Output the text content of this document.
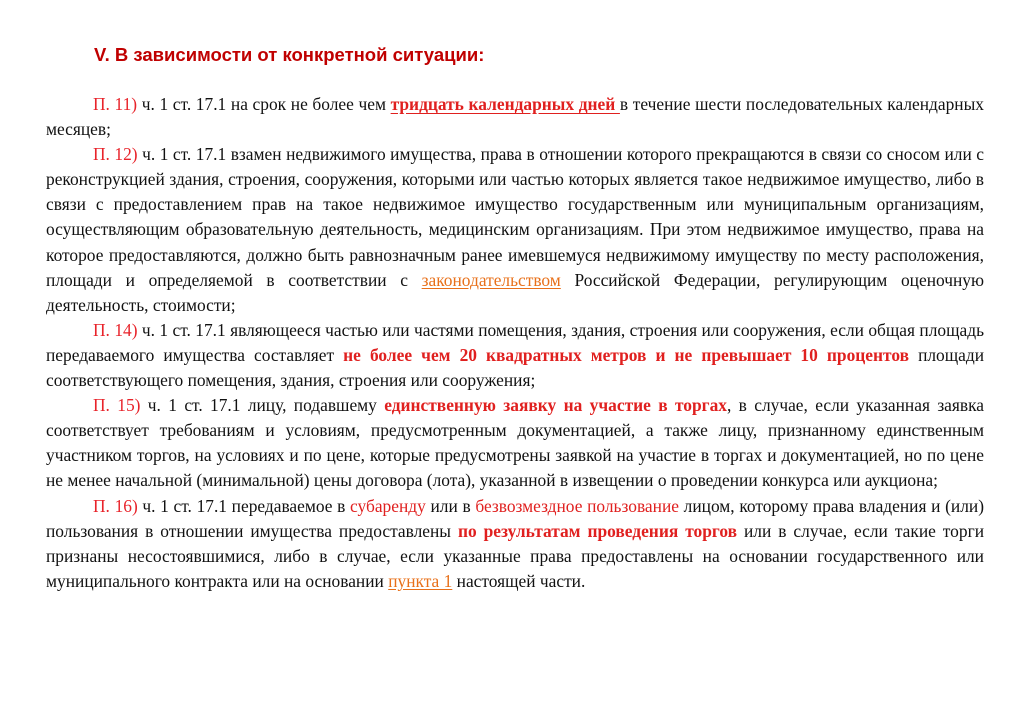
V. В зависимости от конкретной ситуации:

П. 11) ч. 1 ст. 17.1 на срок не более чем тридцать календарных дней в течение шести последовательных календарных месяцев;

П. 12) ч. 1 ст. 17.1 взамен недвижимого имущества, права в отношении которого прекращаются в связи со сносом или с реконструкцией здания, строения, сооружения, которыми или частью которых является такое недвижимое имущество, либо в связи с предоставлением прав на такое недвижимое имущество государственным или муниципальным организациям, осуществляющим образовательную деятельность, медицинским организациям. При этом недвижимое имущество, права на которое предоставляются, должно быть равнозначным ранее имевшемуся недвижимому имуществу по месту расположения, площади и определяемой в соответствии с законодательством Российской Федерации, регулирующим оценочную деятельность, стоимости;

П. 14) ч. 1 ст. 17.1 являющееся частью или частями помещения, здания, строения или сооружения, если общая площадь передаваемого имущества составляет не более чем 20 квадратных метров и не превышает 10 процентов площади соответствующего помещения, здания, строения или сооружения;

П. 15) ч. 1 ст. 17.1 лицу, подавшему единственную заявку на участие в торгах, в случае, если указанная заявка соответствует требованиям и условиям, предусмотренным документацией, а также лицу, признанному единственным участником торгов, на условиях и по цене, которые предусмотрены заявкой на участие в торгах и документацией, но по цене не менее начальной (минимальной) цены договора (лота), указанной в извещении о проведении конкурса или аукциона;

П. 16) ч. 1 ст. 17.1 передаваемое в субаренду или в безвозмездное пользование лицом, которому права владения и (или) пользования в отношении имущества предоставлены по результатам проведения торгов или в случае, если такие торги признаны несостоявшимися, либо в случае, если указанные права предоставлены на основании государственного или муниципального контракта или на основании пункта 1 настоящей части.
